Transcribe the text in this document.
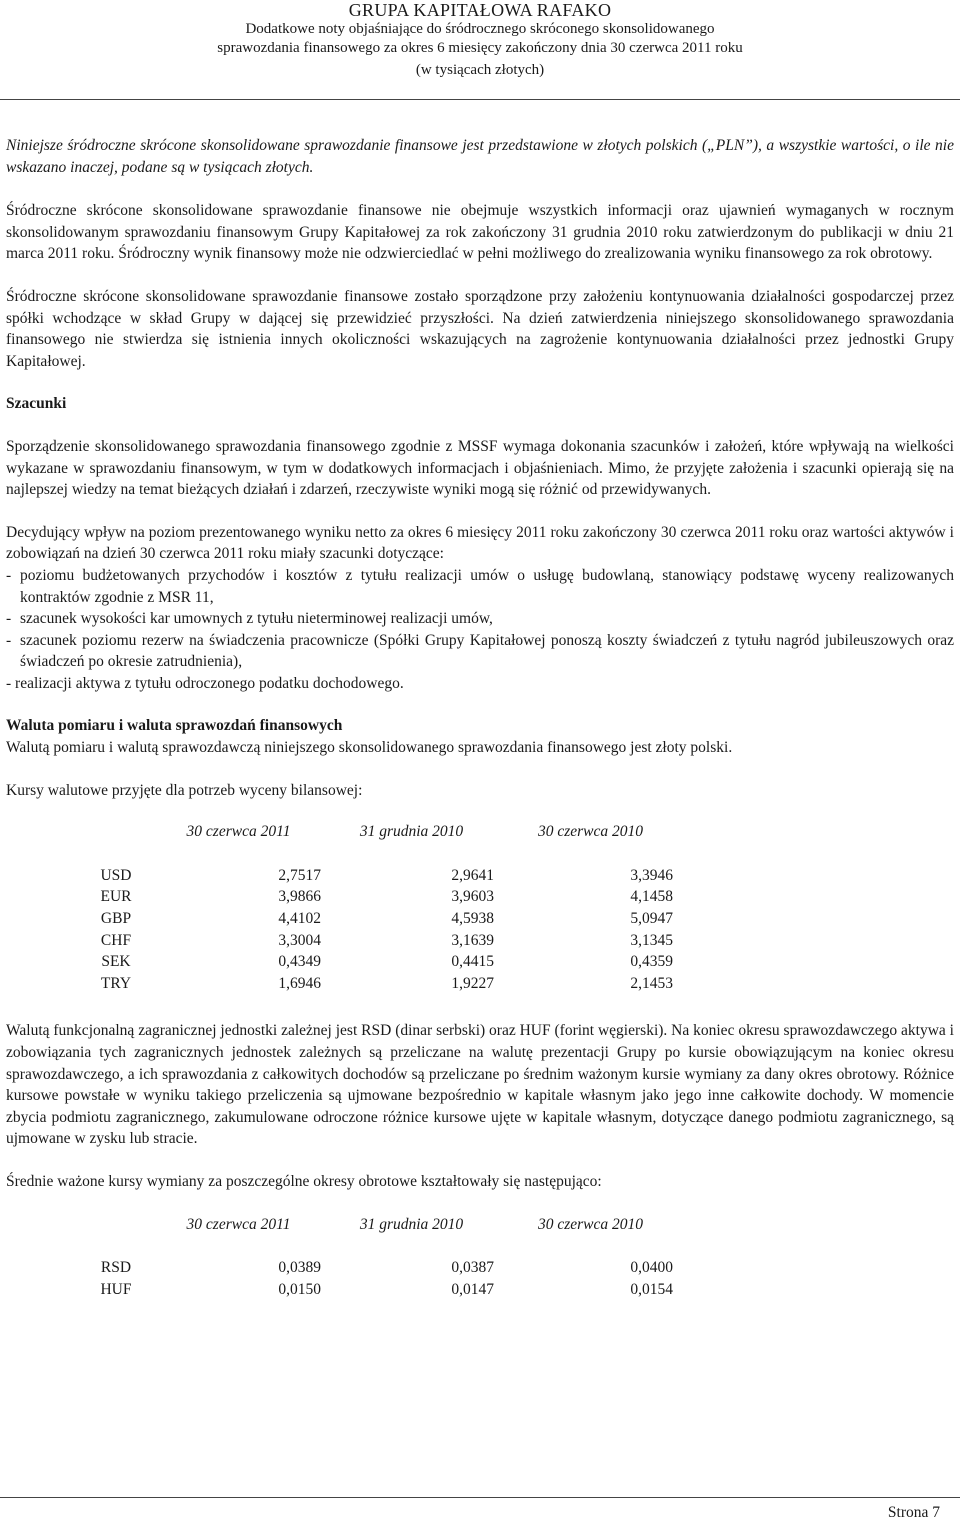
GRUPA KAPITAŁOWA RAFAKO
Dodatkowe noty objaśniające do śródrocznego skróconego skonsolidowanego
sprawozdania finansowego za okres 6 miesięcy zakończony dnia 30 czerwca 2011 roku
(w tysiącach złotych)

Niniejsze śródroczne skrócone skonsolidowane sprawozdanie finansowe jest przedstawione w złotych polskich („PLN”), a wszystkie wartości, o ile nie wskazano inaczej, podane są w tysiącach złotych.

Śródroczne skrócone skonsolidowane sprawozdanie finansowe nie obejmuje wszystkich informacji oraz ujawnień wymaganych w rocznym skonsolidowanym sprawozdaniu finansowym Grupy Kapitałowej za rok zakończony 31 grudnia 2010 roku zatwierdzonym do publikacji w dniu 21 marca 2011 roku. Śródroczny wynik finansowy może nie odzwierciedlać w pełni możliwego do zrealizowania wyniku finansowego za rok obrotowy.

Śródroczne skrócone skonsolidowane sprawozdanie finansowe zostało sporządzone przy założeniu kontynuowania działalności gospodarczej przez spółki wchodzące w skład Grupy w dającej się przewidzieć przyszłości. Na dzień zatwierdzenia niniejszego skonsolidowanego sprawozdania finansowego nie stwierdza się istnienia innych okoliczności wskazujących na zagrożenie kontynuowania działalności przez jednostki Grupy Kapitałowej.

Szacunki

Sporządzenie skonsolidowanego sprawozdania finansowego zgodnie z MSSF wymaga dokonania szacunków i założeń, które wpływają na wielkości wykazane w sprawozdaniu finansowym, w tym w dodatkowych informacjach i objaśnieniach. Mimo, że przyjęte założenia i szacunki opierają się na najlepszej wiedzy na temat bieżących działań i zdarzeń, rzeczywiste wyniki mogą się różnić od przewidywanych.

Decydujący wpływ na poziom prezentowanego wyniku netto za okres 6 miesięcy 2011 roku zakończony 30 czerwca 2011 roku oraz wartości aktywów i zobowiązań na dzień 30 czerwca 2011 roku miały szacunki dotyczące:

- poziomu budżetowanych przychodów i kosztów z tytułu realizacji umów o usługę budowlaną, stanowiący podstawę wyceny realizowanych kontraktów zgodnie z MSR 11,
- szacunek wysokości kar umownych z tytułu nieterminowej realizacji umów,
- szacunek poziomu rezerw na świadczenia pracownicze (Spółki Grupy Kapitałowej ponoszą koszty świadczeń z tytułu nagród jubileuszowych oraz świadczeń po okresie zatrudnienia),

- realizacji aktywa z tytułu odroczonego podatku dochodowego.

Waluta pomiaru i waluta sprawozdań finansowych

Walutą pomiaru i walutą sprawozdawczą niniejszego skonsolidowanego sprawozdania finansowego jest złoty polski.

Kursy walutowe przyjęte dla potrzeb wyceny bilansowej:

	30 czerwca 2011	31 grudnia 2010	30 czerwca 2010

USD	2,7517	2,9641	3,3946
EUR	3,9866	3,9603	4,1458
GBP	4,4102	4,5938	5,0947
CHF	3,3004	3,1639	3,1345
SEK	0,4349	0,4415	0,4359
TRY	1,6946	1,9227	2,1453

Walutą funkcjonalną zagranicznej jednostki zależnej jest RSD (dinar serbski) oraz HUF (forint węgierski). Na koniec okresu sprawozdawczego aktywa i zobowiązania tych zagranicznych jednostek zależnych są przeliczane na walutę prezentacji Grupy po kursie obowiązującym na koniec okresu sprawozdawczego, a ich sprawozdania z całkowitych dochodów są przeliczane po średnim ważonym kursie wymiany za dany okres obrotowy. Różnice kursowe powstałe w wyniku takiego przeliczenia są ujmowane bezpośrednio w kapitale własnym jako jego inne całkowite dochody. W momencie zbycia podmiotu zagranicznego, zakumulowane odroczone różnice kursowe ujęte w kapitale własnym, dotyczące danego podmiotu zagranicznego, są ujmowane w zysku lub stracie.

Średnie ważone kursy wymiany za poszczególne okresy obrotowe kształtowały się następująco:

	30 czerwca 2011	31 grudnia 2010	30 czerwca 2010

RSD	0,0389	0,0387	0,0400
HUF	0,0150	0,0147	0,0154
Strona 7
